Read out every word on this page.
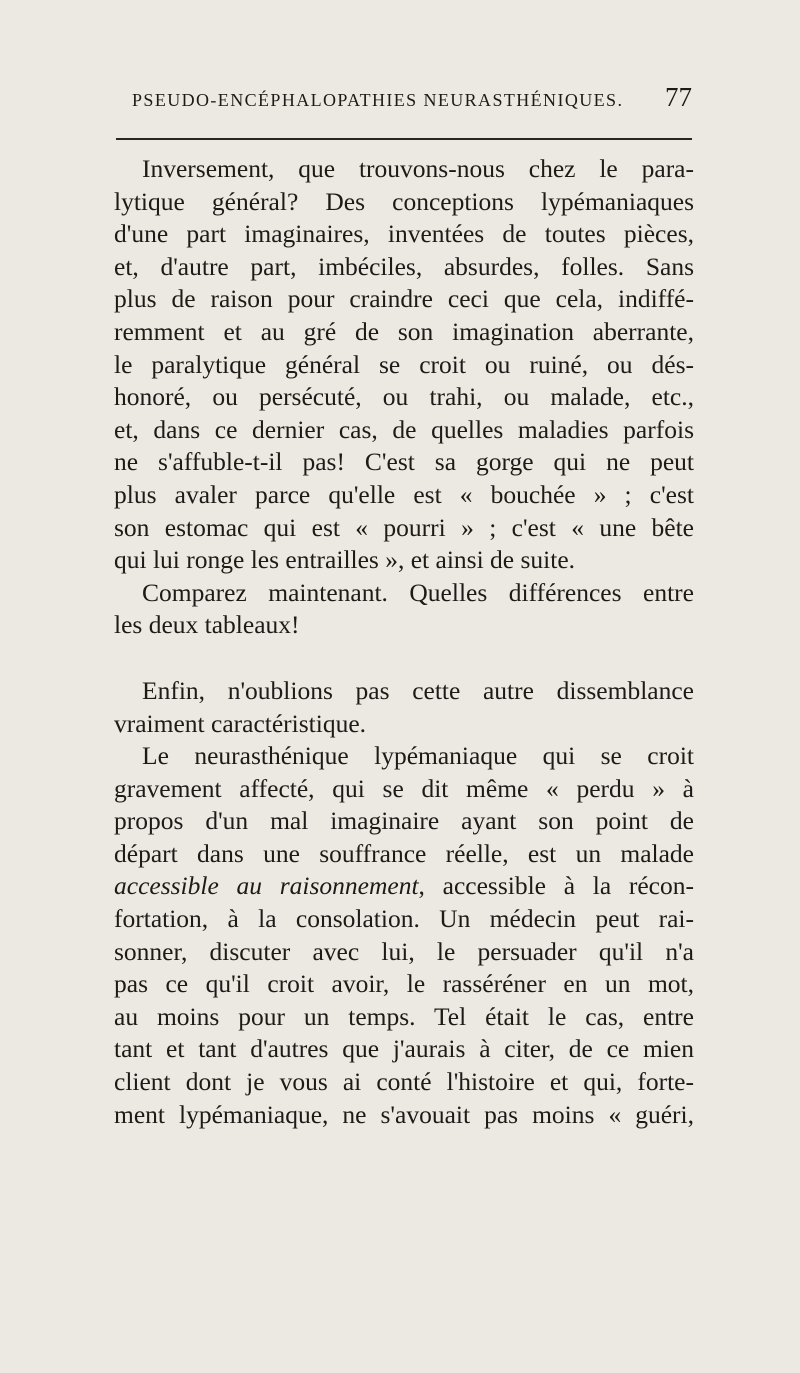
PSEUDO-ENCÉPHALOPATHIES NEURASTHÉNIQUES. 77
Inversement, que trouvons-nous chez le para-
lytique général? Des conceptions lypémaniaques
d'une part imaginaires, inventées de toutes pièces,
et, d'autre part, imbéciles, absurdes, folles. Sans
plus de raison pour craindre ceci que cela, indiffé-
remment et au gré de son imagination aberrante,
le paralytique général se croit ou ruiné, ou dés-
honoré, ou persécuté, ou trahi, ou malade, etc.,
et, dans ce dernier cas, de quelles maladies parfois
ne s'affuble-t-il pas! C'est sa gorge qui ne peut
plus avaler parce qu'elle est « bouchée » ; c'est
son estomac qui est « pourri » ; c'est « une bête
qui lui ronge les entrailles », et ainsi de suite.
Comparez maintenant. Quelles différences entre
les deux tableaux!
Enfin, n'oublions pas cette autre dissemblance
vraiment caractéristique.
Le neurasthénique lypémaniaque qui se croit
gravement affecté, qui se dit même « perdu » à
propos d'un mal imaginaire ayant son point de
départ dans une souffrance réelle, est un malade
accessible au raisonnement, accessible à la récon-
fortation, à la consolation. Un médecin peut rai-
sonner, discuter avec lui, le persuader qu'il n'a
pas ce qu'il croit avoir, le rasséréner en un mot,
au moins pour un temps. Tel était le cas, entre
tant et tant d'autres que j'aurais à citer, de ce mien
client dont je vous ai conté l'histoire et qui, forte-
ment lypémaniaque, ne s'avouait pas moins « guéri,
